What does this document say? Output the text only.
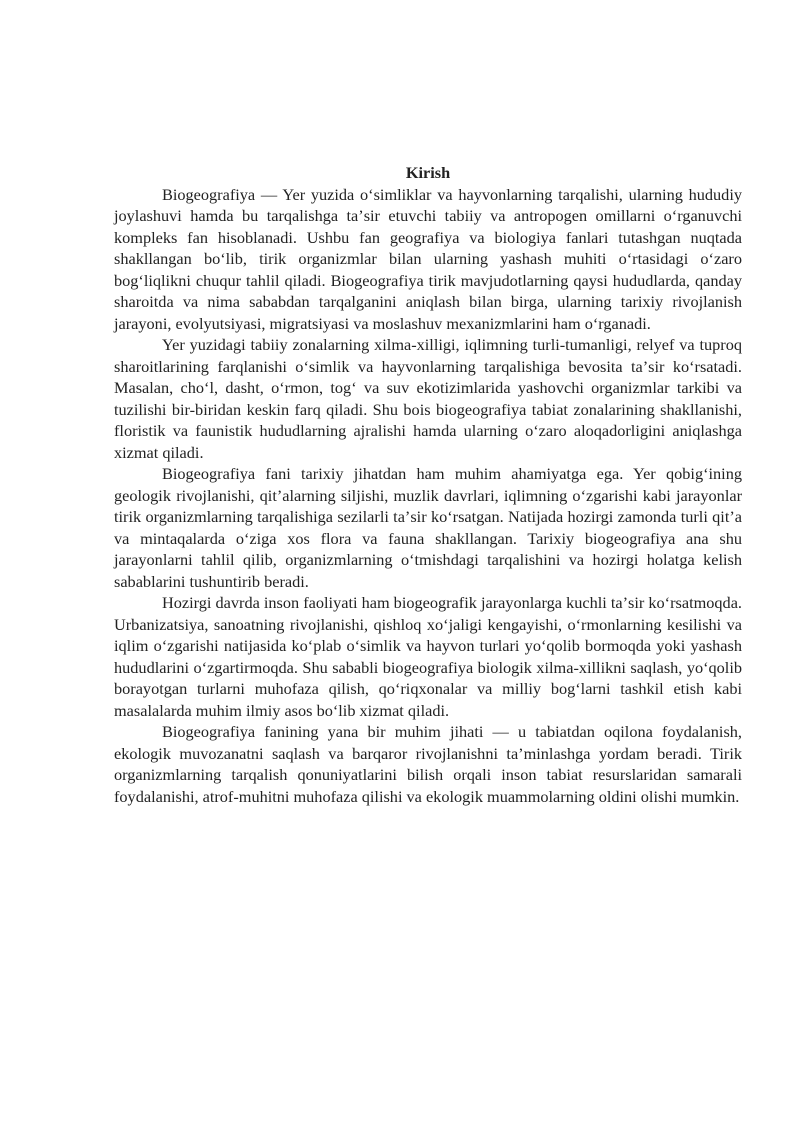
Kirish

Biogeografiya — Yer yuzida oʻsimliklar va hayvonlarning tarqalishi, ularning hududiy joylashuvi hamda bu tarqalishga taʼsir etuvchi tabiiy va antropogen omillarni oʻrganuvchi kompleks fan hisoblanadi. Ushbu fan geografiya va biologiya fanlari tutashgan nuqtada shakllangan boʻlib, tirik organizmlar bilan ularning yashash muhiti oʻrtasidagi oʻzaro bogʻliqlikni chuqur tahlil qiladi. Biogeografiya tirik mavjudotlarning qaysi hududlarda, qanday sharoitda va nima sababdan tarqalganini aniqlash bilan birga, ularning tarixiy rivojlanish jarayoni, evolyutsiyasi, migratsiyasi va moslashuv mexanizmlarini ham oʻrganadi.

Yer yuzidagi tabiiy zonalarning xilma-xilligi, iqlimning turli-tumanligi, relyef va tuproq sharoitlarining farqlanishi oʻsimlik va hayvonlarning tarqalishiga bevosita taʼsir koʻrsatadi. Masalan, choʻl, dasht, oʻrmon, togʻ va suv ekotizimlarida yashovchi organizmlar tarkibi va tuzilishi bir-biridan keskin farq qiladi. Shu bois biogeografiya tabiat zonalarining shakllanishi, floristik va faunistik hududlarning ajralishi hamda ularning oʻzaro aloqadorligini aniqlashga xizmat qiladi.

Biogeografiya fani tarixiy jihatdan ham muhim ahamiyatga ega. Yer qobigʻining geologik rivojlanishi, qitʼalarning siljishi, muzlik davrlari, iqlimning oʻzgarishi kabi jarayonlar tirik organizmlarning tarqalishiga sezilarli taʼsir koʻrsatgan. Natijada hozirgi zamonda turli qitʼa va mintaqalarda oʻziga xos flora va fauna shakllangan. Tarixiy biogeografiya ana shu jarayonlarni tahlil qilib, organizmlarning oʻtmishdagi tarqalishini va hozirgi holatga kelish sabablarini tushuntirib beradi.

Hozirgi davrda inson faoliyati ham biogeografik jarayonlarga kuchli taʼsir koʻrsatmoqda. Urbanizatsiya, sanoatning rivojlanishi, qishloq xoʻjaligi kengayishi, oʻrmonlarning kesilishi va iqlim oʻzgarishi natijasida koʻplab oʻsimlik va hayvon turlari yoʻqolib bormoqda yoki yashash hududlarini oʻzgartirmoqda. Shu sababli biogeografiya biologik xilma-xillikni saqlash, yoʻqolib borayotgan turlarni muhofaza qilish, qoʻriqxonalar va milliy bogʻlarni tashkil etish kabi masalalarda muhim ilmiy asos boʻlib xizmat qiladi.

Biogeografiya fanining yana bir muhim jihati — u tabiatdan oqilona foydalanish, ekologik muvozanatni saqlash va barqaror rivojlanishni taʼminlashga yordam beradi. Tirik organizmlarning tarqalish qonuniyatlarini bilish orqali inson tabiat resurslaridan samarali foydalanishi, atrof-muhitni muhofaza qilishi va ekologik muammolarning oldini olishi mumkin.
